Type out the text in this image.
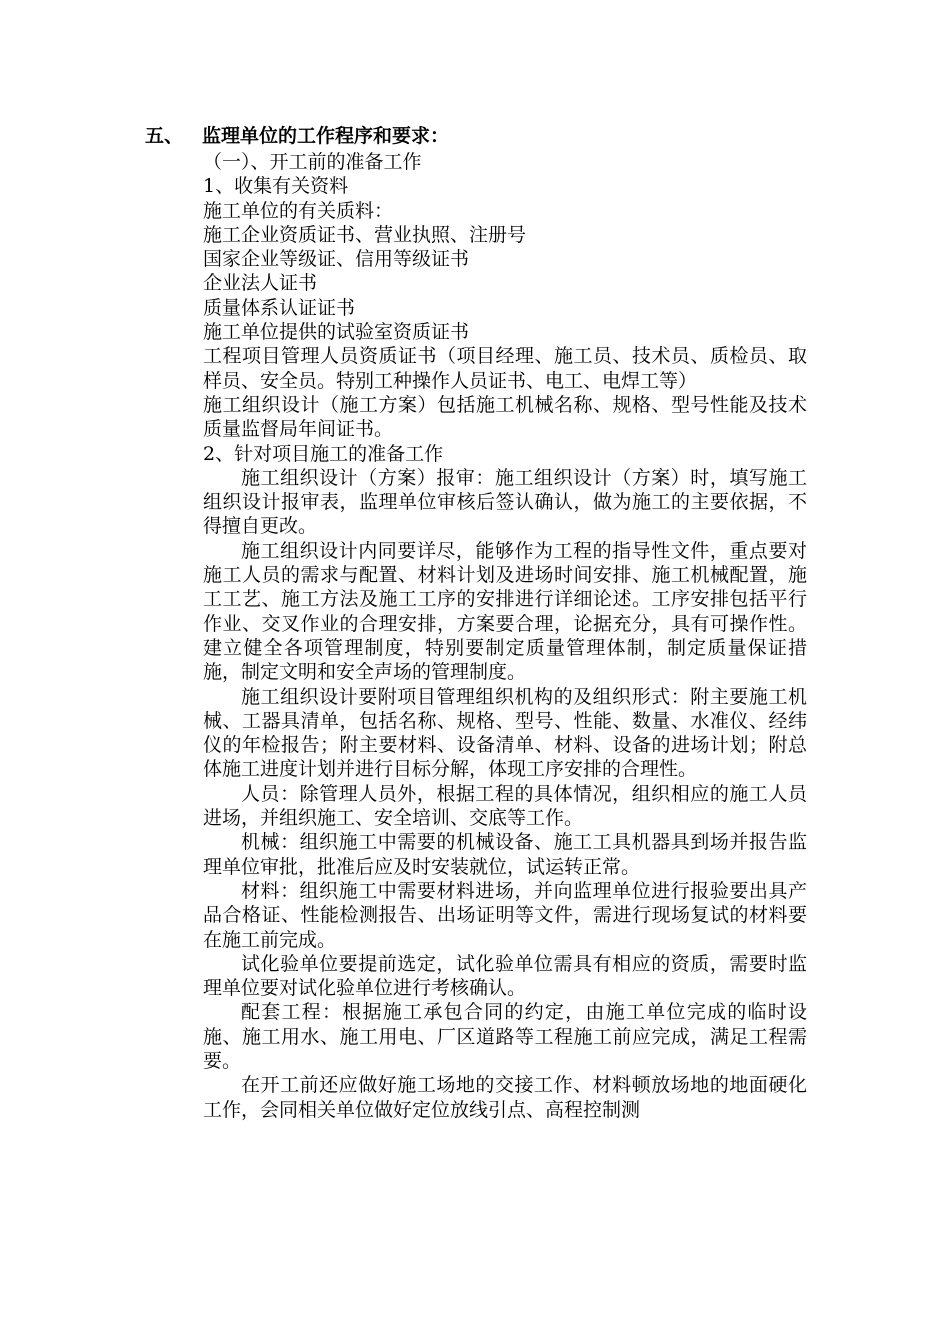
五、 监理单位的工作程序和要求：

（一）、开工前的准备工作

1、收集有关资料

施工单位的有关质料：

施工企业资质证书、营业执照、注册号

国家企业等级证、信用等级证书

企业法人证书

质量体系认证证书

施工单位提供的试验室资质证书

工程项目管理人员资质证书（项目经理、施工员、技术员、质检员、取样员、安全员。特别工种操作人员证书、电工、电焊工等）

施工组织设计（施工方案）包括施工机械名称、规格、型号性能及技术质量监督局年间证书。

2、针对项目施工的准备工作

施工组织设计（方案）报审：施工组织设计（方案）时，填写施工组织设计报审表，监理单位审核后签认确认，做为施工的主要依据，不得擅自更改。

施工组织设计内同要详尽，能够作为工程的指导性文件，重点要对施工人员的需求与配置、材料计划及进场时间安排、施工机械配置，施工工艺、施工方法及施工工序的安排进行详细论述。工序安排包括平行作业、交叉作业的合理安排，方案要合理，论据充分，具有可操作性。建立健全各项管理制度，特别要制定质量管理体制，制定质量保证措施，制定文明和安全声场的管理制度。

施工组织设计要附项目管理组织机构的及组织形式：附主要施工机械、工器具清单，包括名称、规格、型号、性能、数量、水准仪、经纬仪的年检报告；附主要材料、设备清单、材料、设备的进场计划；附总体施工进度计划并进行目标分解，体现工序安排的合理性。

人员：除管理人员外，根据工程的具体情况，组织相应的施工人员进场，并组织施工、安全培训、交底等工作。

机械：组织施工中需要的机械设备、施工工具机器具到场并报告监理单位审批，批准后应及时安装就位，试运转正常。

材料：组织施工中需要材料进场，并向监理单位进行报验要出具产品合格证、性能检测报告、出场证明等文件，需进行现场复试的材料要在施工前完成。

试化验单位要提前选定，试化验单位需具有相应的资质，需要时监理单位要对试化验单位进行考核确认。

配套工程：根据施工承包合同的约定，由施工单位完成的临时设施、施工用水、施工用电、厂区道路等工程施工前应完成，满足工程需要。

在开工前还应做好施工场地的交接工作、材料顿放场地的地面硬化工作，会同相关单位做好定位放线引点、高程控制测
